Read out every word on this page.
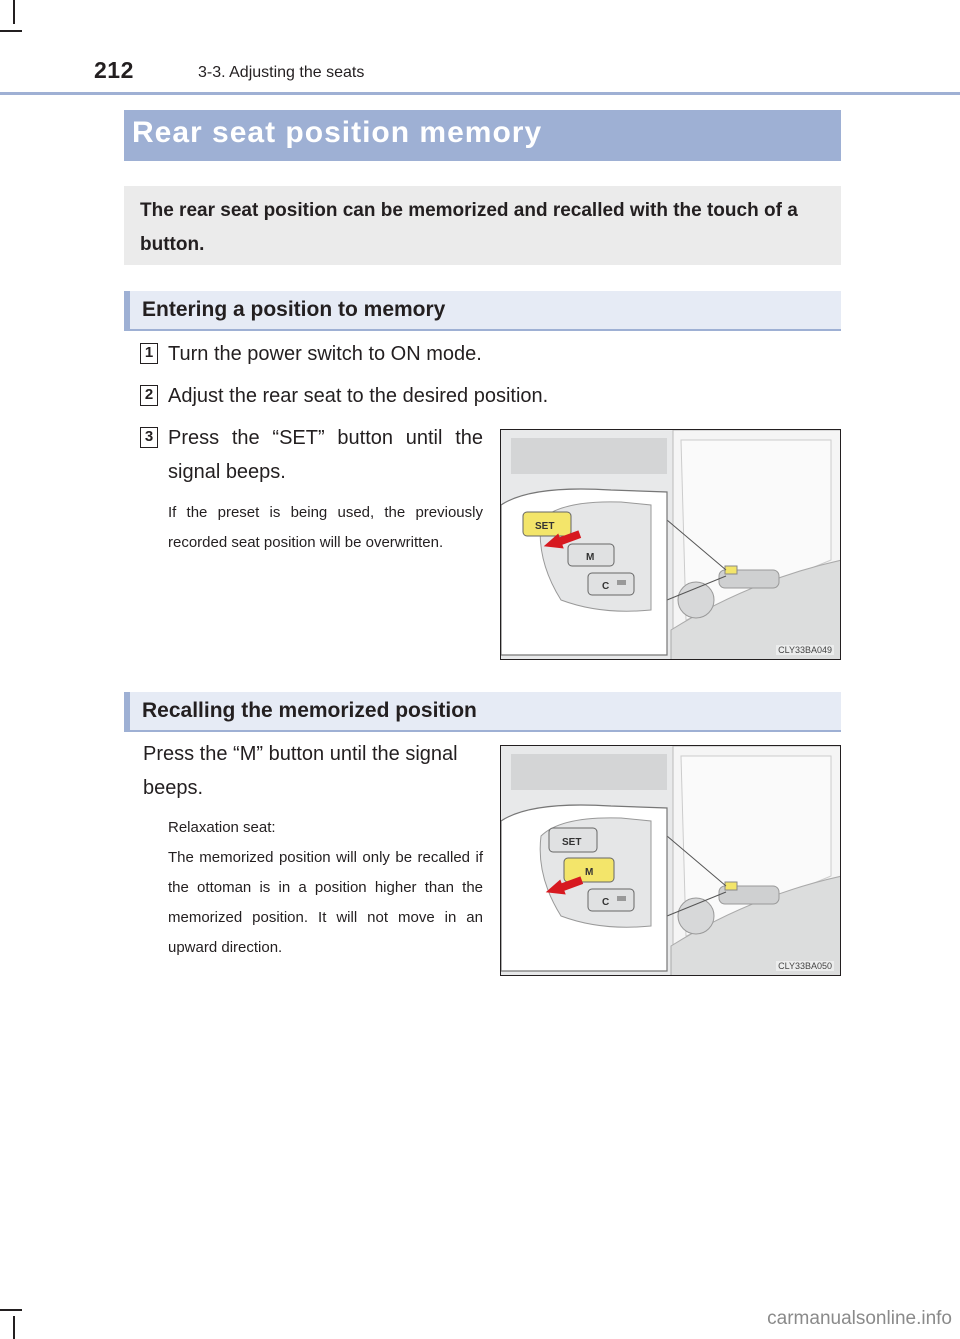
212	3-3. Adjusting the seats
Rear seat position memory
The rear seat position can be memorized and recalled with the touch of a button.
Entering a position to memory
1 Turn the power switch to ON mode.
2 Adjust the rear seat to the desired position.
3 Press the “SET” button until the signal beeps.
If the preset is being used, the previously recorded seat position will be overwritten.
SET
M
C
CLY33BA049
Recalling the memorized position
Press the “M” button until the signal beeps.
Relaxation seat:
The memorized position will only be recalled if the ottoman is in a position higher than the memorized position. It will not move in an upward direction.
SET
M
C
CLY33BA050
carmanualsonline.info
